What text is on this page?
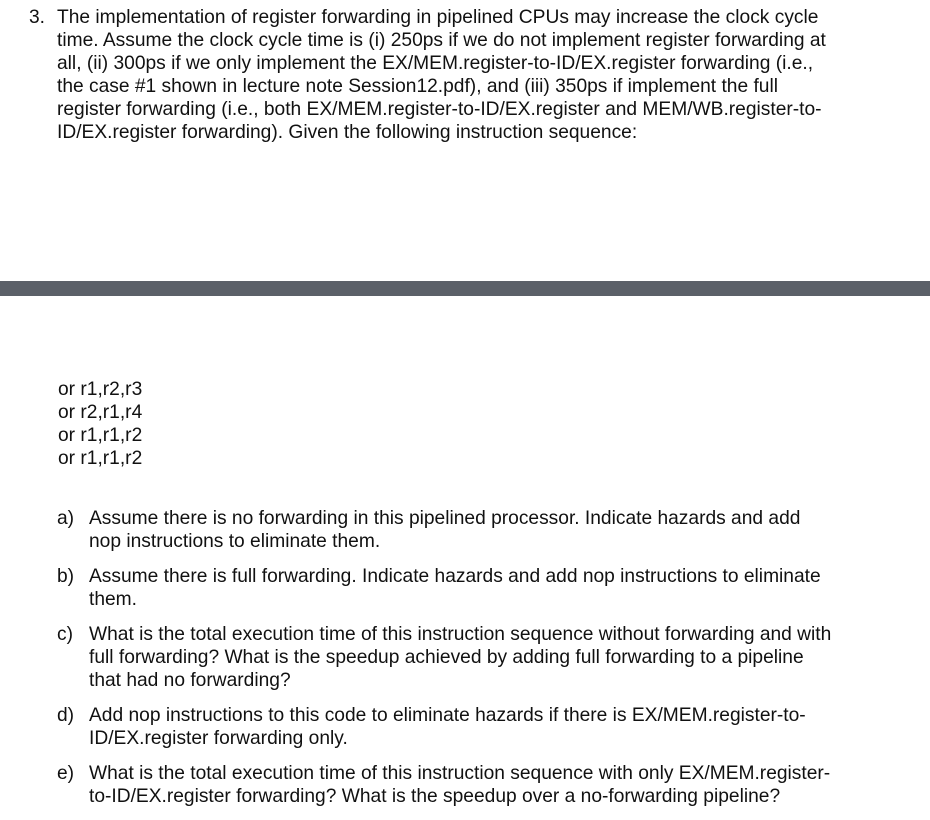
3. The implementation of register forwarding in pipelined CPUs may increase the clock cycle
time. Assume the clock cycle time is (i) 250ps if we do not implement register forwarding at
all, (ii) 300ps if we only implement the EX/MEM.register-to-ID/EX.register forwarding (i.e.,
the case #1 shown in lecture note Session12.pdf), and (iii) 350ps if implement the full
register forwarding (i.e., both EX/MEM.register-to-ID/EX.register and MEM/WB.register-to-
ID/EX.register forwarding). Given the following instruction sequence:
or r1,r2,r3
or r2,r1,r4
or r1,r1,r2
or r1,r1,r2
a) Assume there is no forwarding in this pipelined processor. Indicate hazards and add
nop instructions to eliminate them.
b) Assume there is full forwarding. Indicate hazards and add nop instructions to eliminate
them.
c) What is the total execution time of this instruction sequence without forwarding and with
full forwarding? What is the speedup achieved by adding full forwarding to a pipeline
that had no forwarding?
d) Add nop instructions to this code to eliminate hazards if there is EX/MEM.register-to-
ID/EX.register forwarding only.
e) What is the total execution time of this instruction sequence with only EX/MEM.register-
to-ID/EX.register forwarding? What is the speedup over a no-forwarding pipeline?
